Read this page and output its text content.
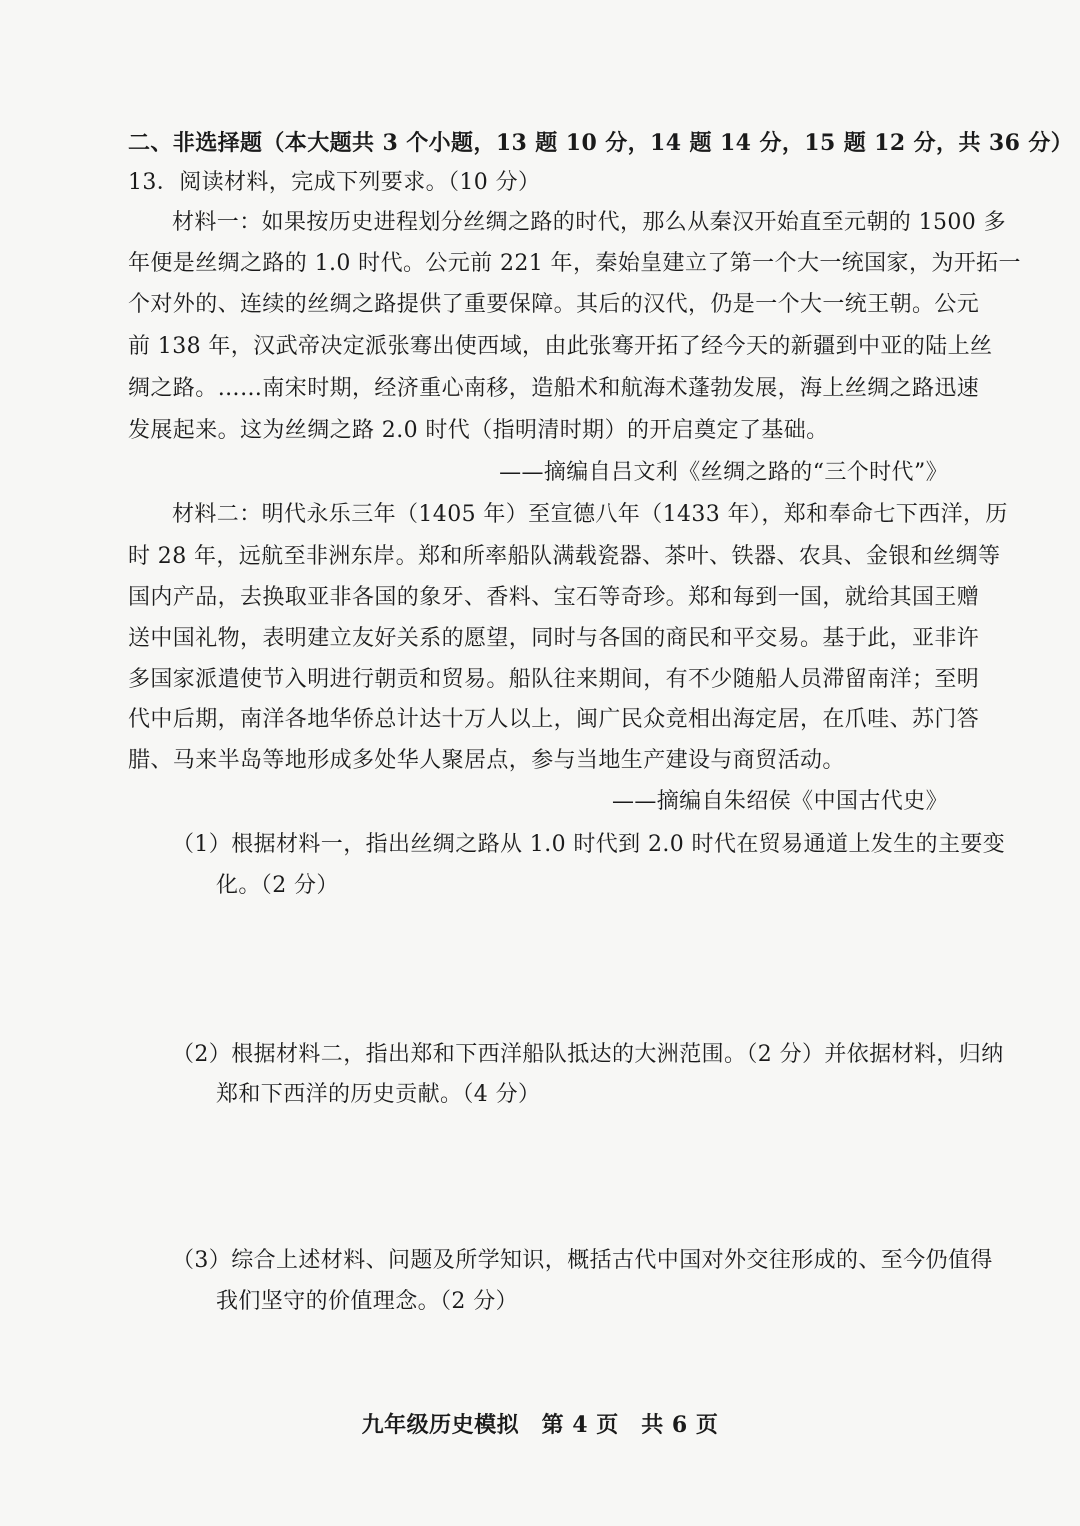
二、非选择题（本大题共 3 个小题，13 题 10 分，14 题 14 分，15 题 12 分，共 36 分）
13．阅读材料，完成下列要求。（10 分）
材料一：如果按历史进程划分丝绸之路的时代，那么从秦汉开始直至元朝的 1500 多
年便是丝绸之路的 1.0 时代。公元前 221 年，秦始皇建立了第一个大一统国家，为开拓一
个对外的、连续的丝绸之路提供了重要保障。其后的汉代，仍是一个大一统王朝。公元
前 138 年，汉武帝决定派张骞出使西域，由此张骞开拓了经今天的新疆到中亚的陆上丝
绸之路。……南宋时期，经济重心南移，造船术和航海术蓬勃发展，海上丝绸之路迅速
发展起来。这为丝绸之路 2.0 时代（指明清时期）的开启奠定了基础。
——摘编自吕文利《丝绸之路的“三个时代”》
材料二：明代永乐三年（1405 年）至宣德八年（1433 年），郑和奉命七下西洋，历
时 28 年，远航至非洲东岸。郑和所率船队满载瓷器、茶叶、铁器、农具、金银和丝绸等
国内产品，去换取亚非各国的象牙、香料、宝石等奇珍。郑和每到一国，就给其国王赠
送中国礼物，表明建立友好关系的愿望，同时与各国的商民和平交易。基于此，亚非许
多国家派遣使节入明进行朝贡和贸易。船队往来期间，有不少随船人员滞留南洋；至明
代中后期，南洋各地华侨总计达十万人以上，闽广民众竞相出海定居，在爪哇、苏门答
腊、马来半岛等地形成多处华人聚居点，参与当地生产建设与商贸活动。
——摘编自朱绍侯《中国古代史》
（1）根据材料一，指出丝绸之路从 1.0 时代到 2.0 时代在贸易通道上发生的主要变
化。（2 分）
（2）根据材料二，指出郑和下西洋船队抵达的大洲范围。（2 分）并依据材料，归纳
郑和下西洋的历史贡献。（4 分）
（3）综合上述材料、问题及所学知识，概括古代中国对外交往形成的、至今仍值得
我们坚守的价值理念。（2 分）
九年级历史模拟　第 4 页　共 6 页
